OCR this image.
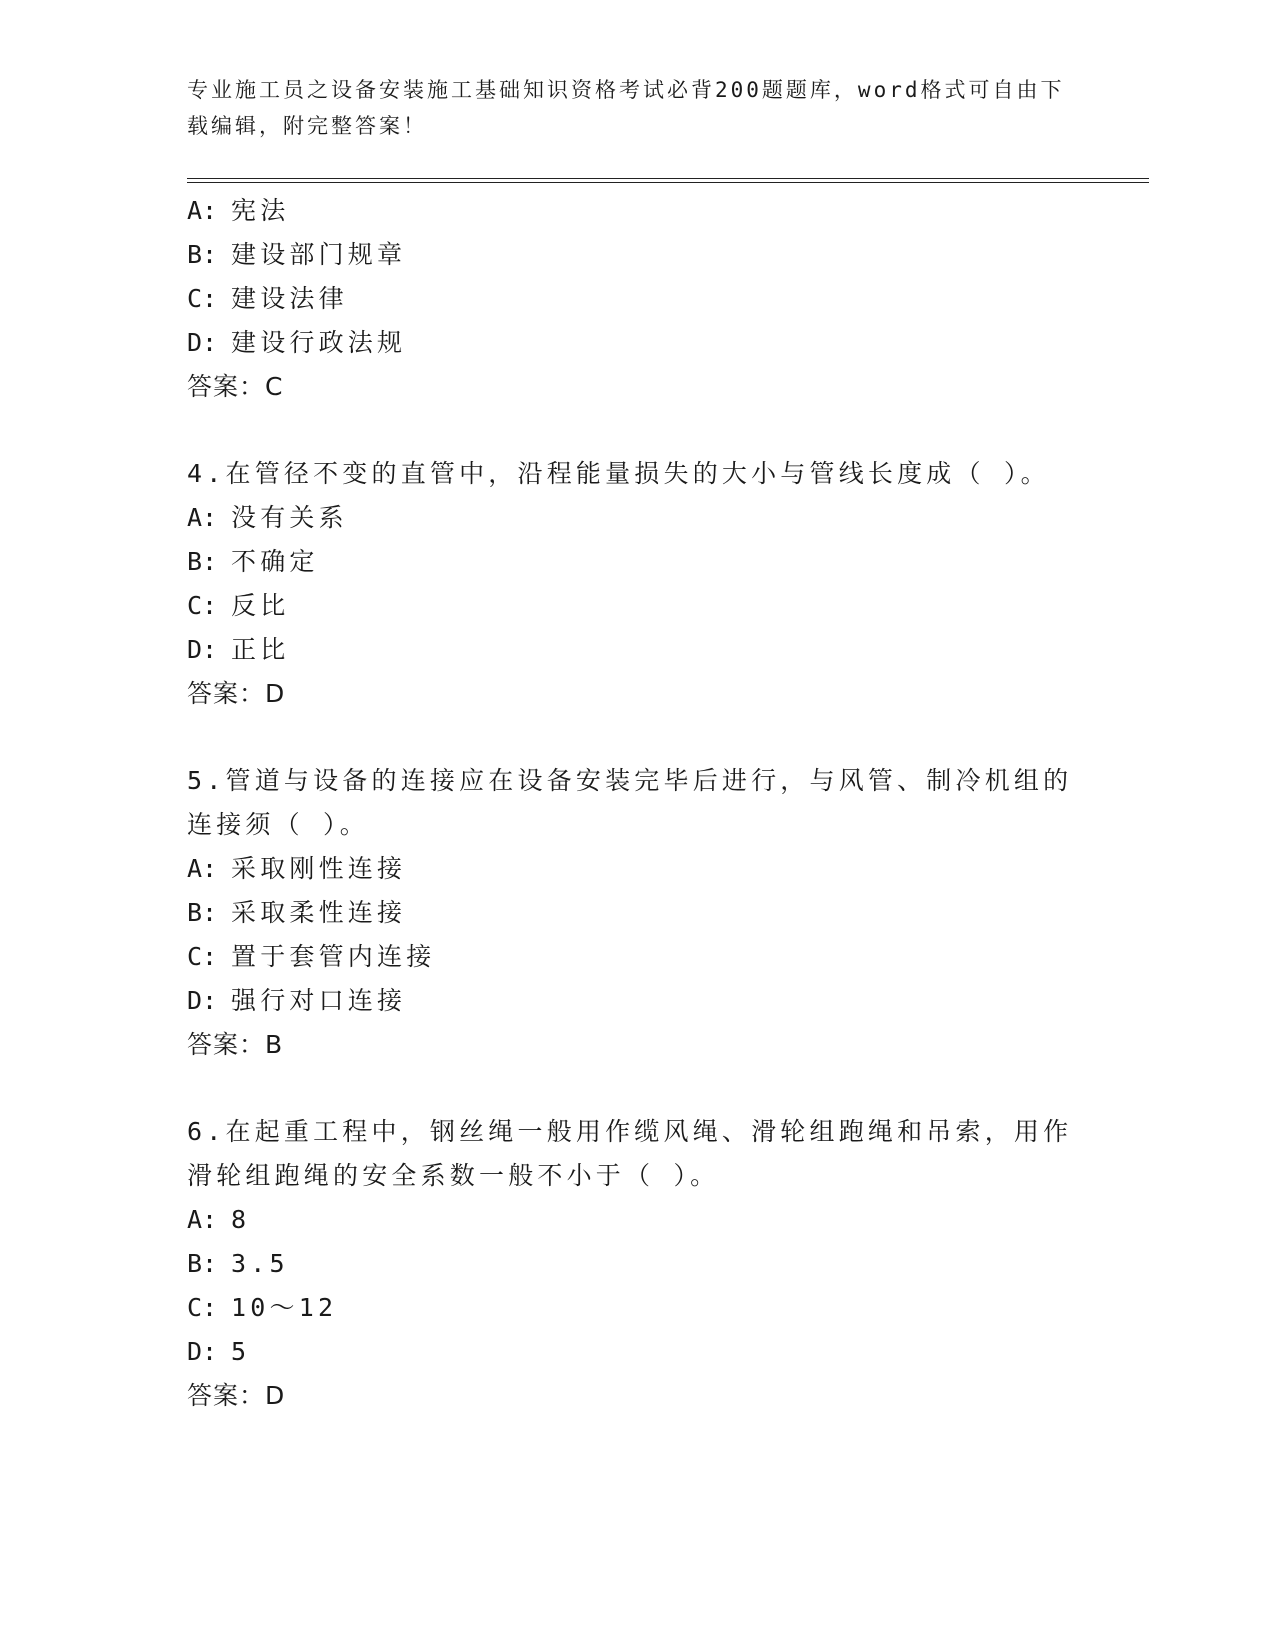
专业施工员之设备安装施工基础知识资格考试必背200题题库，word格式可自由下载编辑，附完整答案！
A: 宪法
B: 建设部门规章
C: 建设法律
D: 建设行政法规
答案：C
4.在管径不变的直管中，沿程能量损失的大小与管线长度成（ ）。
A: 没有关系
B: 不确定
C: 反比
D: 正比
答案：D
5.管道与设备的连接应在设备安装完毕后进行，与风管、制冷机组的
连接须（ ）。
A: 采取刚性连接
B: 采取柔性连接
C: 置于套管内连接
D: 强行对口连接
答案：B
6.在起重工程中，钢丝绳一般用作缆风绳、滑轮组跑绳和吊索，用作
滑轮组跑绳的安全系数一般不小于（ ）。
A: 8
B: 3.5
C: 10～12
D: 5
答案：D
